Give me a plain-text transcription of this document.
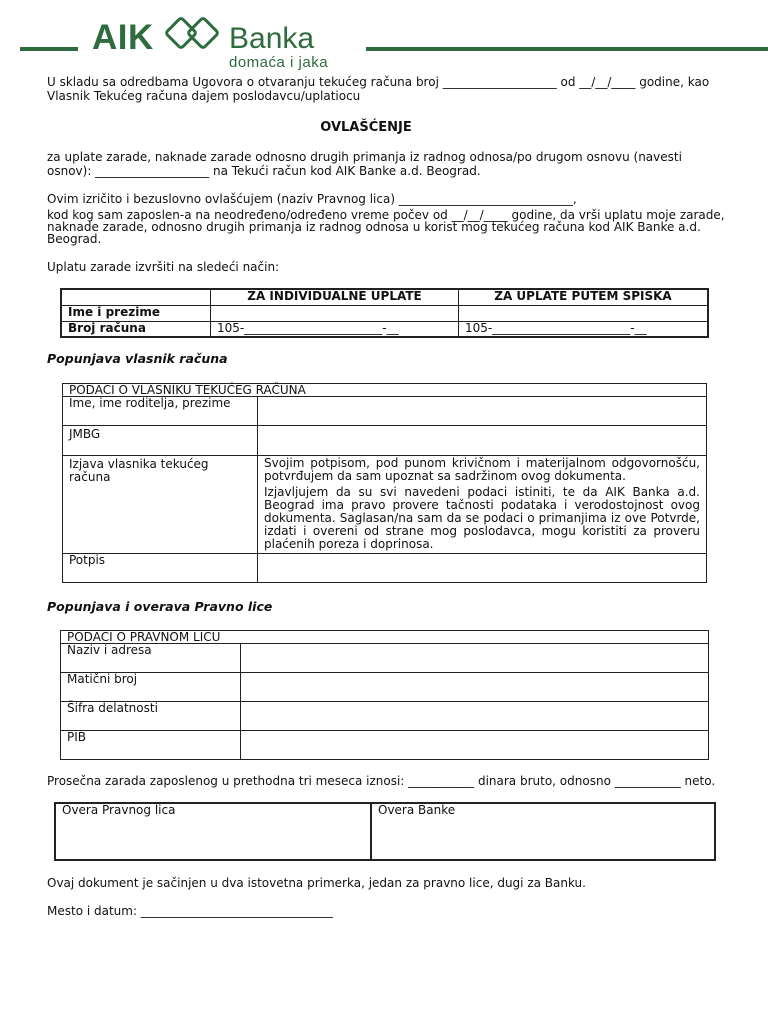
AIK	Banka
domaća i jaka
U skladu sa odredbama Ugovora o otvaranju tekućeg računa broj ___________________ od __/__/____ godine, kao
Vlasnik Tekućeg računa dajem poslodavcu/uplatiocu
OVLAŠĆENJE
za uplate zarade, naknade zarade odnosno drugih primanja iz radnog odnosa/po drugom osnovu (navesti
osnov): ___________________ na Tekući račun kod AIK Banke a.d. Beograd.
Ovim izričito i bezuslovno ovlašćujem (naziv Pravnog lica) _____________________________,
kod kog sam zaposlen-a na neodređeno/određeno vreme počev od __/__/____ godine, da vrši uplatu moje zarade,
naknade zarade, odnosno drugih primanja iz radnog odnosa u korist mog tekućeg računa kod AIK Banke a.d.
Beograd.
Uplatu zarade izvršiti na sledeći način:
	ZA INDIVIDUALNE UPLATE	ZA UPLATE PUTEM SPISKA
Ime i prezime		
Broj računa	105-_______________________-__	105-_______________________-__
Popunjava vlasnik računa
PODACI O VLASNIKU TEKUĆEG RAČUNA	
Ime, ime roditelja, prezime	
JMBG	
Izjava vlasnika tekućeg računa	Svojim potpisom, pod punom krivičnom i materijalnom odgovornošću, potvrđujem da sam upoznat sa sadržinom ovog dokumenta.
Izjavljujem da su svi navedeni podaci istiniti, te da AIK Banka a.d. Beograd ima pravo provere tačnosti podataka i verodostojnost ovog dokumenta. Saglasan/na sam da se podaci o primanjima iz ove Potvrde, izdati i overeni od strane mog poslodavca, mogu koristiti za proveru plaćenih poreza i doprinosa.

Potpis	
Popunjava i overava Pravno lice
PODACI O PRAVNOM LICU	
Naziv i adresa	
Matični broj	
Šifra delatnosti	
PIB	
Prosečna zarada zaposlenog u prethodna tri meseca iznosi: ___________ dinara bruto, odnosno ___________ neto.
Overa Pravnog lica	Overa Banke
Ovaj dokument je sačinjen u dva istovetna primerka, jedan za pravno lice, dugi za Banku.
Mesto i datum: ________________________________
